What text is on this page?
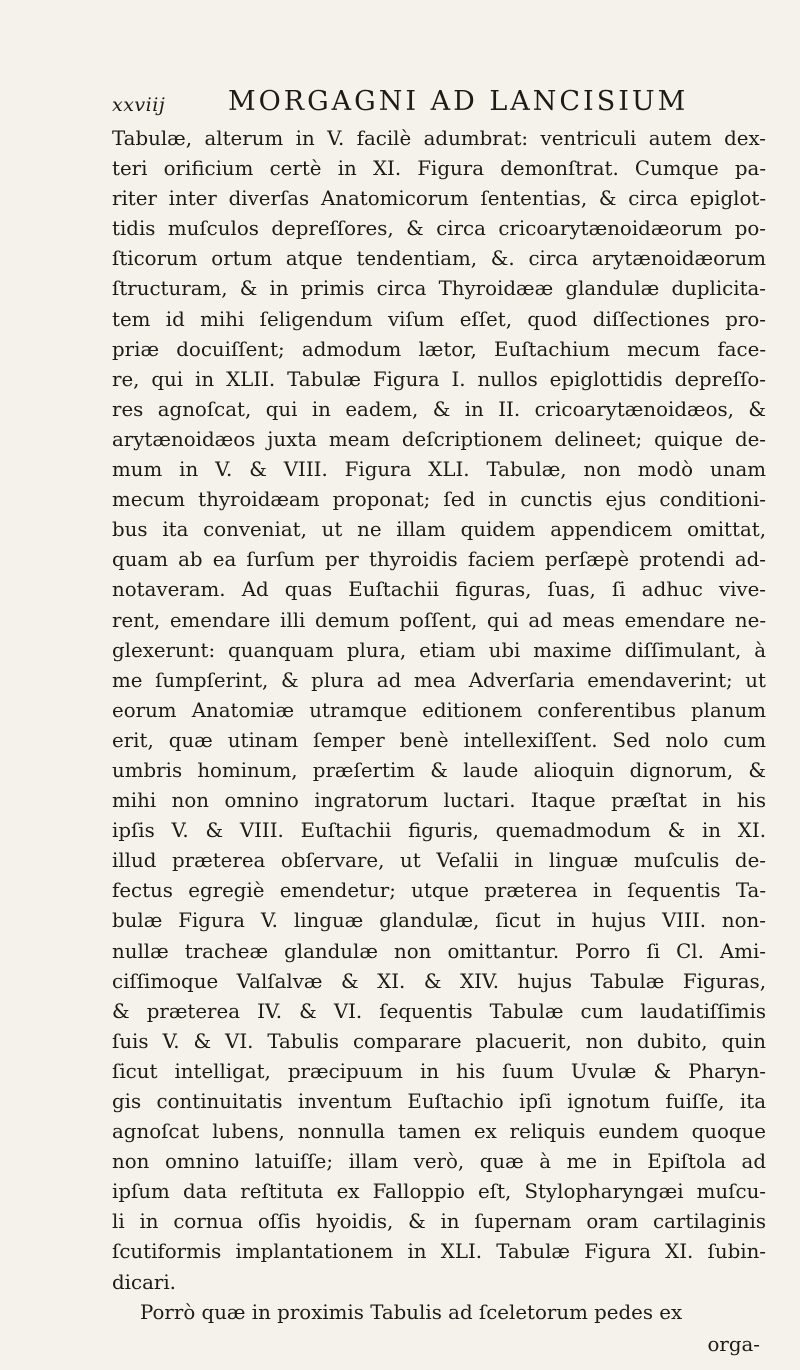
xxviij MORGAGNI AD LANCISIUM
Tabulæ, alterum in V. facilè adumbrat: ventriculi autem dex-
teri orificium certè in XI. Figura demonſtrat. Cumque pa-
riter inter diverſas Anatomicorum ſententias, & circa epiglot-
tidis muſculos depreſſores, & circa cricoarytænoidæorum po-
ſticorum ortum atque tendentiam, &. circa arytænoidæorum
ſtructuram, & in primis circa Thyroidææ glandulæ duplicita-
tem id mihi ſeligendum viſum eſſet, quod diſſectiones pro-
priæ docuiſſent; admodum lætor, Euſtachium mecum face-
re, qui in XLII. Tabulæ Figura I. nullos epiglottidis depreſſo-
res agnoſcat, qui in eadem, & in II. cricoarytænoidæos, &
arytænoidæos juxta meam deſcriptionem delineet; quique de-
mum in V. & VIII. Figura XLI. Tabulæ, non modò unam
mecum thyroidæam proponat; ſed in cunctis ejus conditioni-
bus ita conveniat, ut ne illam quidem appendicem omittat,
quam ab ea ſurſum per thyroidis faciem perſæpè protendi ad-
notaveram. Ad quas Euſtachii figuras, ſuas, ſi adhuc vive-
rent, emendare illi demum poſſent, qui ad meas emendare ne-
glexerunt: quanquam plura, etiam ubi maxime diſſimulant, à
me ſumpſerint, & plura ad mea Adverſaria emendaverint; ut
eorum Anatomiæ utramque editionem conferentibus planum
erit, quæ utinam ſemper benè intellexiſſent. Sed nolo cum
umbris hominum, præſertim & laude alioquin dignorum, &
mihi non omnino ingratorum luctari. Itaque præſtat in his
ipſis V. & VIII. Euſtachii figuris, quemadmodum & in XI.
illud præterea obſervare, ut Veſalii in linguæ muſculis de-
fectus egregiè emendetur; utque præterea in ſequentis Ta-
bulæ Figura V. linguæ glandulæ, ſicut in hujus VIII. non-
nullæ tracheæ glandulæ non omittantur. Porro ſi Cl. Ami-
ciſſimoque Valſalvæ & XI. & XIV. hujus Tabulæ Figuras,
& præterea IV. & VI. ſequentis Tabulæ cum laudatiſſimis
ſuis V. & VI. Tabulis comparare placuerit, non dubito, quin
ſicut intelligat, præcipuum in his ſuum Uvulæ & Pharyn-
gis continuitatis inventum Euſtachio ipſi ignotum fuiſſe, ita
agnoſcat lubens, nonnulla tamen ex reliquis eundem quoque
non omnino latuiſſe; illam verò, quæ à me in Epiſtola ad
ipſum data reſtituta ex Falloppio eſt, Stylopharyngæi muſcu-
li in cornua oſſis hyoidis, & in ſupernam oram cartilaginis
ſcutiformis implantationem in XLI. Tabulæ Figura XI. ſubin-
dicari.
Porrò quæ in proximis Tabulis ad ſceletorum pedes ex
orga-
